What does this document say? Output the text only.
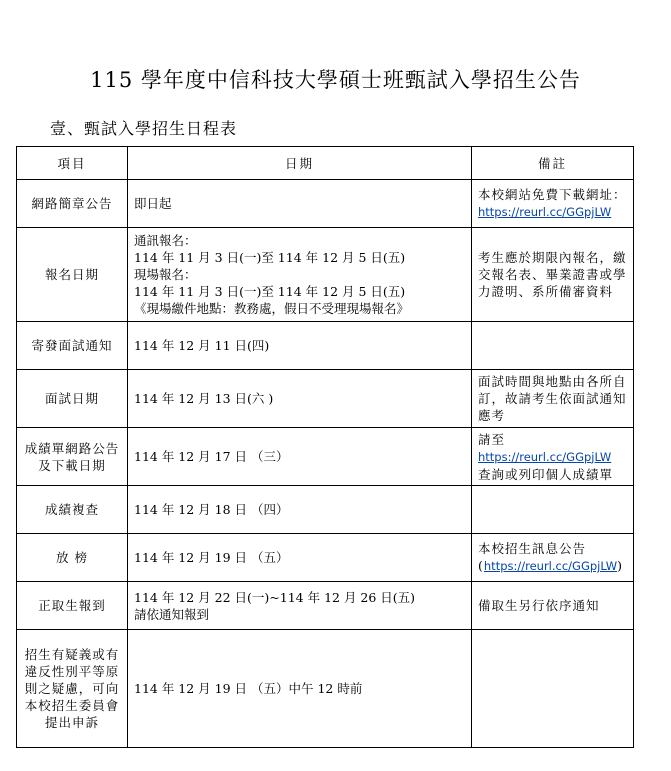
115 學年度中信科技大學碩士班甄試入學招生公告
壹、甄試入學招生日程表
項目	日期	備註
網路簡章公告	即日起	本校網站免費下載網址：https://reurl.cc/GGpjLW
報名日期	通訊報名：
114 年 11 月 3 日(一)至 114 年 12 月 5 日(五)
現場報名：
114 年 11 月 3 日(一)至 114 年 12 月 5 日(五)
《現場繳件地點：教務處，假日不受理現場報名》	考生應於期限內報名，繳交報名表、畢業證書或學力證明、系所備審資料
寄發面試通知	114 年 12 月 11 日(四)	
面試日期	114 年 12 月 13 日(六 )	面試時間與地點由各所自訂，故請考生依面試通知應考
成績單網路公告及下載日期	114 年 12 月 17 日 （三）	請至
https://reurl.cc/GGpjLW 查詢或列印個人成績單
成績複查	114 年 12 月 18 日 （四）	
放 榜	114 年 12 月 19 日 （五）	本校招生訊息公告(https://reurl.cc/GGpjLW)
正取生報到	114 年 12 月 22 日(一)~114 年 12 月 26 日(五)
請依通知報到	備取生另行依序通知
招生有疑義或有違反性別平等原則之疑慮，可向本校招生委員會提出申訴	114 年 12 月 19 日 （五）中午 12 時前	
